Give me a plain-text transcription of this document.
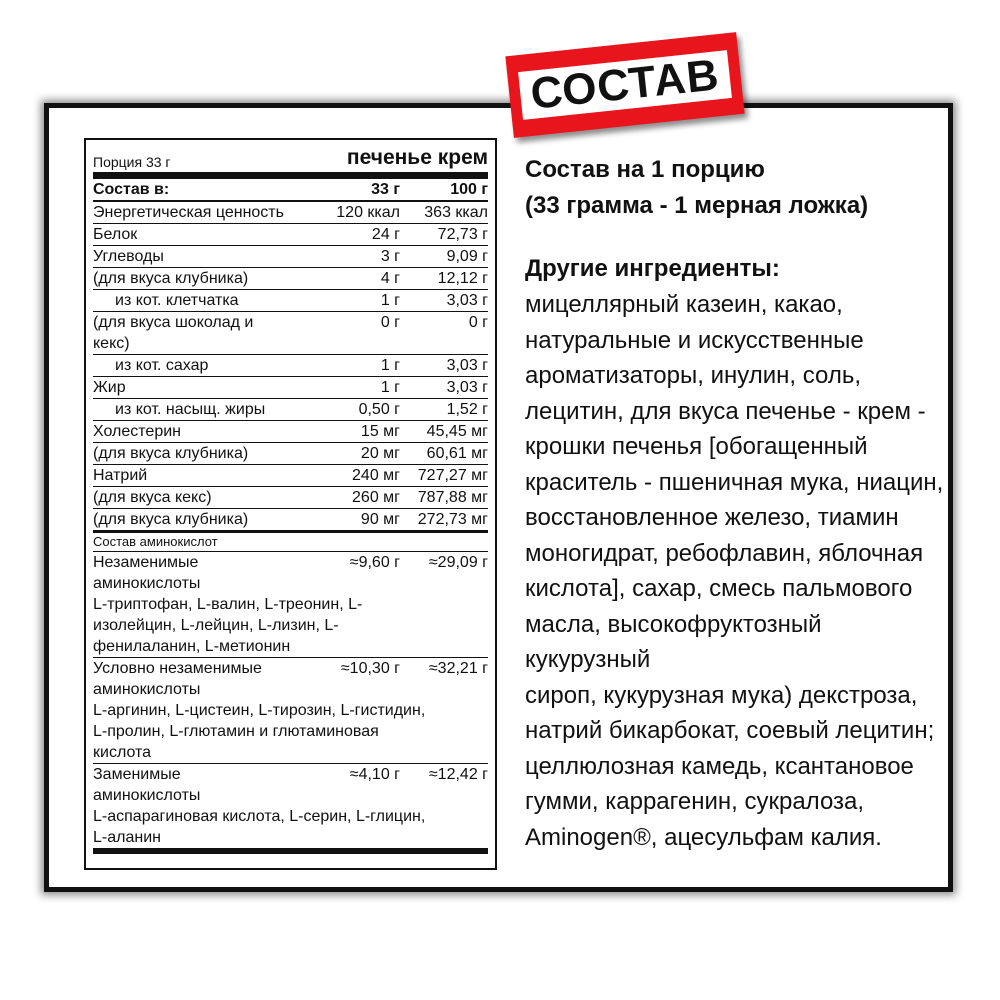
СОСТАВ
Порция 33 г	печенье крем
Состав в:	33 г	100 г
Энергетическая ценность	120 ккал	363 ккал
Белок	24 г	72,73 г
Углеводы	3 г	9,09 г
(для вкуса клубника)	4 г	12,12 г
из кот. клетчатка	1 г	3,03 г
(для вкуса шоколад и	0 г	0 г
кекс)
из кот. сахар	1 г	3,03 г
Жир	1 г	3,03 г
из кот. насыщ. жиры	0,50 г	1,52 г
Холестерин	15 мг	45,45 мг
(для вкуса клубника)	20 мг	60,61 мг
Натрий	240 мг	727,27 мг
(для вкуса кекс)	260 мг	787,88 мг
(для вкуса клубника)	90 мг	272,73 мг
Состав аминокислот
Незаменимые
аминокислоты
≈9,60 г	≈29,09 г
L-триптофан, L-валин, L-треонин, L-
изолейцин, L-лейцин, L-лизин, L-
фенилаланин, L-метионин
Условно незаменимые
аминокислоты
≈10,30 г	≈32,21 г
L-аргинин, L-цистеин, L-тирозин, L-гистидин,
L-пролин, L-глютамин и глютаминовая
кислота
Заменимые
аминокислоты
≈4,10 г	≈12,42 г
L-аспарагиновая кислота, L-серин, L-глицин,
L-аланин
Состав на 1 порцию
(33 грамма - 1 мерная ложка)
Другие ингредиенты:
мицеллярный казеин, какао,
натуральные и искусственные
ароматизаторы, инулин, соль,
лецитин, для вкуса печенье - крем -
крошки печенья [обогащенный
краситель - пшеничная мука, ниацин,
восстановленное железо, тиамин
моногидрат, ребофлавин, яблочная
кислота], сахар, смесь пальмового
масла, высокофруктозный кукурузный
сироп, кукурузная мука) декстроза,
натрий бикарбокат, соевый лецитин;
целлюлозная камедь, ксантановое
гумми, каррагенин, сукралоза,
Aminogen®, ацесульфам калия.
